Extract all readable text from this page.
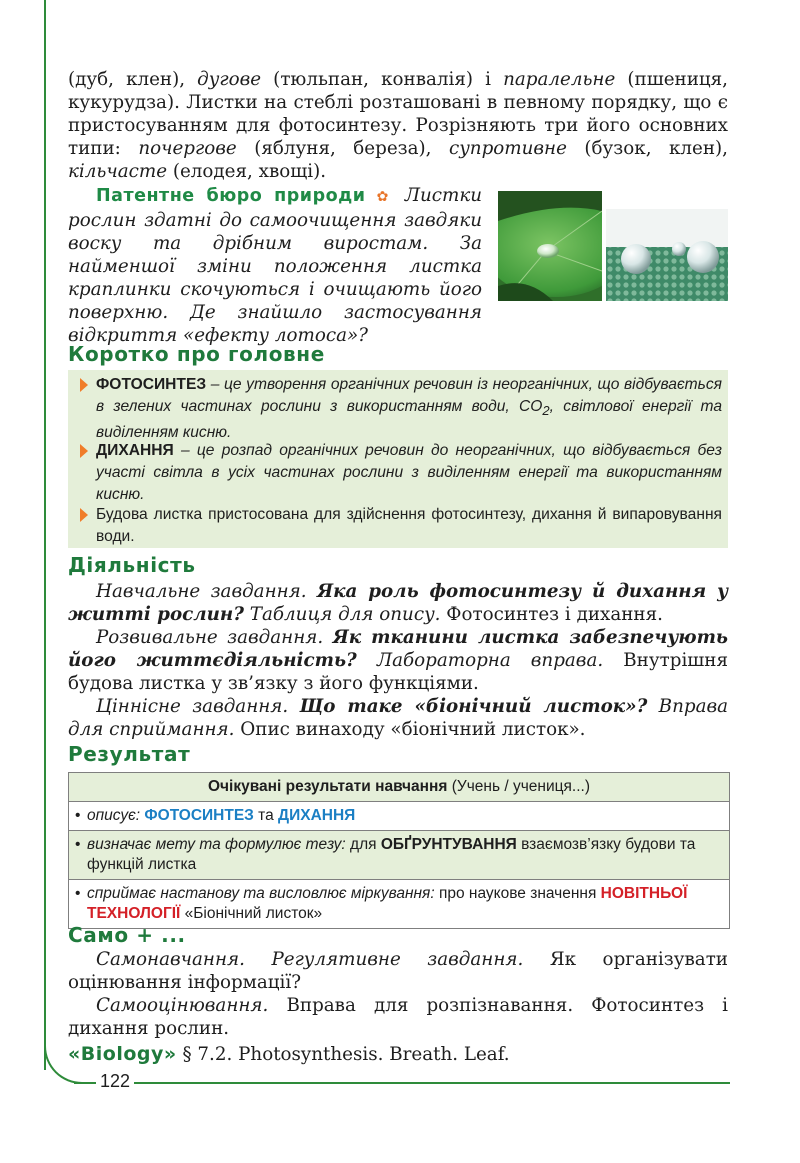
122

(дуб, клен), дугове (тюльпан, конвалія) і паралельне (пшениця, кукурудза). Листки на стеблі розташовані в певному порядку, що є пристосуванням для фотосинтезу. Розрізняють три його основних типи: почергове (яблуня, береза), супротивне (бузок, клен), кільчасте (елодея, хвощі).

Патентне бюро природи ✿ Листки рослин здатні до самоочищення завдяки воску та дрібним виростам. За найменшої зміни положення листка краплинки скочуються і очищають його поверхню. Де знайшло застосування відкриття «ефекту лотоса»?

Коротко про головне
ФОТОСИНТЕЗ – це утворення органічних речовин із неорганічних, що відбувається в зелених частинах рослини з використанням води, $CO_2$, світлової енергії та виділенням кисню.
ДИХАННЯ – це розпад органічних речовин до неорганічних, що відбувається без участі світла в усіх частинах рослини з виділенням енергії та використанням кисню.
Будова листка пристосована для здійснення фотосинтезу, дихання й випаровування води.
Діяльність

Навчальне завдання. Яка роль фотосинтезу й дихання у житті рослин? Таблиця для опису. Фотосинтез і дихання.

Розвивальне завдання. Як тканини листка забезпечують його життєдіяльність? Лабораторна вправа. Внутрішня будова листка у зв’язку з його функціями.

Ціннісне завдання. Що таке «біонічний листок»? Вправа для сприймання. Опис винаходу «біонічний листок».

Результат
Очікувані результати навчання (Учень / учениця...)
• описує: ФОТОСИНТЕЗ та ДИХАННЯ
• визначає мету та формулює тезу: для ОБҐРУНТУВАННЯ взаємозв’язку будови та функцій листка
• сприймає настанову та висловлює міркування: про наукове значення НОВІТНЬОЇ ТЕХНОЛОГІЇ «Біонічний листок»
Само + ...

Самонавчання. Регулятивне завдання. Як організувати оцінювання інформації?

Самооцінювання. Вправа для розпізнавання. Фотосинтез і дихання рослин.

«Biology» § 7.2. Photosynthesis. Breath. Leaf.
